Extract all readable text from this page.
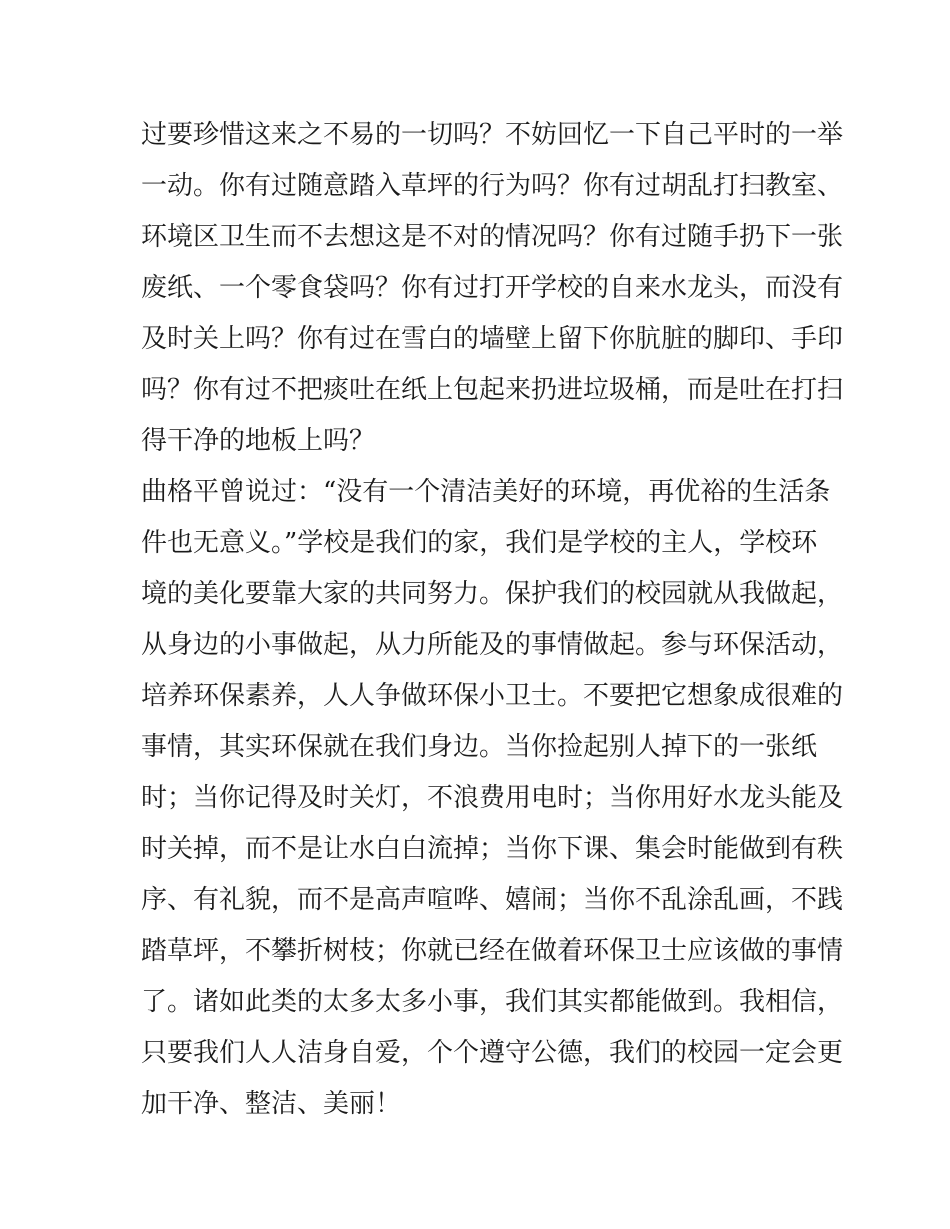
过要珍惜这来之不易的一切吗？不妨回忆一下自己平时的一举
一动。你有过随意踏入草坪的行为吗？你有过胡乱打扫教室、
环境区卫生而不去想这是不对的情况吗？你有过随手扔下一张
废纸、一个零食袋吗？你有过打开学校的自来水龙头，而没有
及时关上吗？你有过在雪白的墙壁上留下你肮脏的脚印、手印
吗？你有过不把痰吐在纸上包起来扔进垃圾桶，而是吐在打扫
得干净的地板上吗？
曲格平曾说过：“没有一个清洁美好的环境，再优裕的生活条
件也无意义。”学校是我们的家，我们是学校的主人，学校环
境的美化要靠大家的共同努力。保护我们的校园就从我做起，
从身边的小事做起，从力所能及的事情做起。参与环保活动，
培养环保素养，人人争做环保小卫士。不要把它想象成很难的
事情，其实环保就在我们身边。当你捡起别人掉下的一张纸
时；当你记得及时关灯，不浪费用电时；当你用好水龙头能及
时关掉，而不是让水白白流掉；当你下课、集会时能做到有秩
序、有礼貌，而不是高声喧哗、嬉闹；当你不乱涂乱画，不践
踏草坪，不攀折树枝；你就已经在做着环保卫士应该做的事情
了。诸如此类的太多太多小事，我们其实都能做到。我相信，
只要我们人人洁身自爱，个个遵守公德，我们的校园一定会更
加干净、整洁、美丽！
